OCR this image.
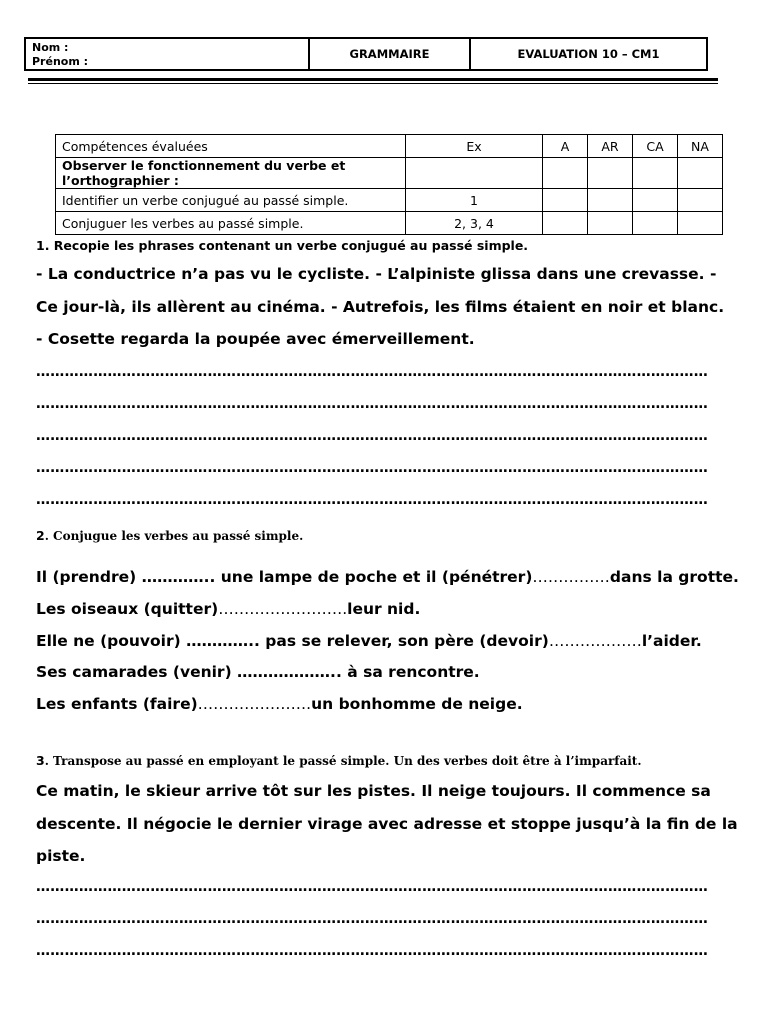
Nom :
Prénom :
GRAMMAIRE	EVALUATION 10 – CM1
Compétences évaluées	Ex	A	AR	CA	NA
Observer le fonctionnement du verbe et l’orthographier :					
Identifier un verbe conjugué au passé simple.	1				
Conjuguer les verbes au passé simple.	2, 3, 4				
1. Recopie les phrases contenant un verbe conjugué au passé simple.
- La conductrice n’a pas vu le cycliste. - L’alpiniste glissa dans une crevasse. -
Ce jour-là, ils allèrent au cinéma. - Autrefois, les films étaient en noir et blanc.
- Cosette regarda la poupée avec émerveillement.
……………………………………………………………………………………………………………………………………………………………………
……………………………………………………………………………………………………………………………………………………………………
……………………………………………………………………………………………………………………………………………………………………
……………………………………………………………………………………………………………………………………………………………………
……………………………………………………………………………………………………………………………………………………………………
2. Conjugue les verbes au passé simple.
Il (prendre) ………….. une lampe de poche et il (pénétrer)……………dans la grotte.
Les oiseaux (quitter)…………………….leur nid.
Elle ne (pouvoir) ………….. pas se relever, son père (devoir)………………l’aider.
Ses camarades (venir) ……………….. à sa rencontre.
Les enfants (faire)………………….un bonhomme de neige.
3. Transpose au passé en employant le passé simple. Un des verbes doit être à l’imparfait.
Ce matin, le skieur arrive tôt sur les pistes. Il neige toujours. Il commence sa
descente. Il négocie le dernier virage avec adresse et stoppe jusqu’à la fin de la
piste.
……………………………………………………………………………………………………………………………………………………………………
……………………………………………………………………………………………………………………………………………………………………
……………………………………………………………………………………………………………………………………………………………………
